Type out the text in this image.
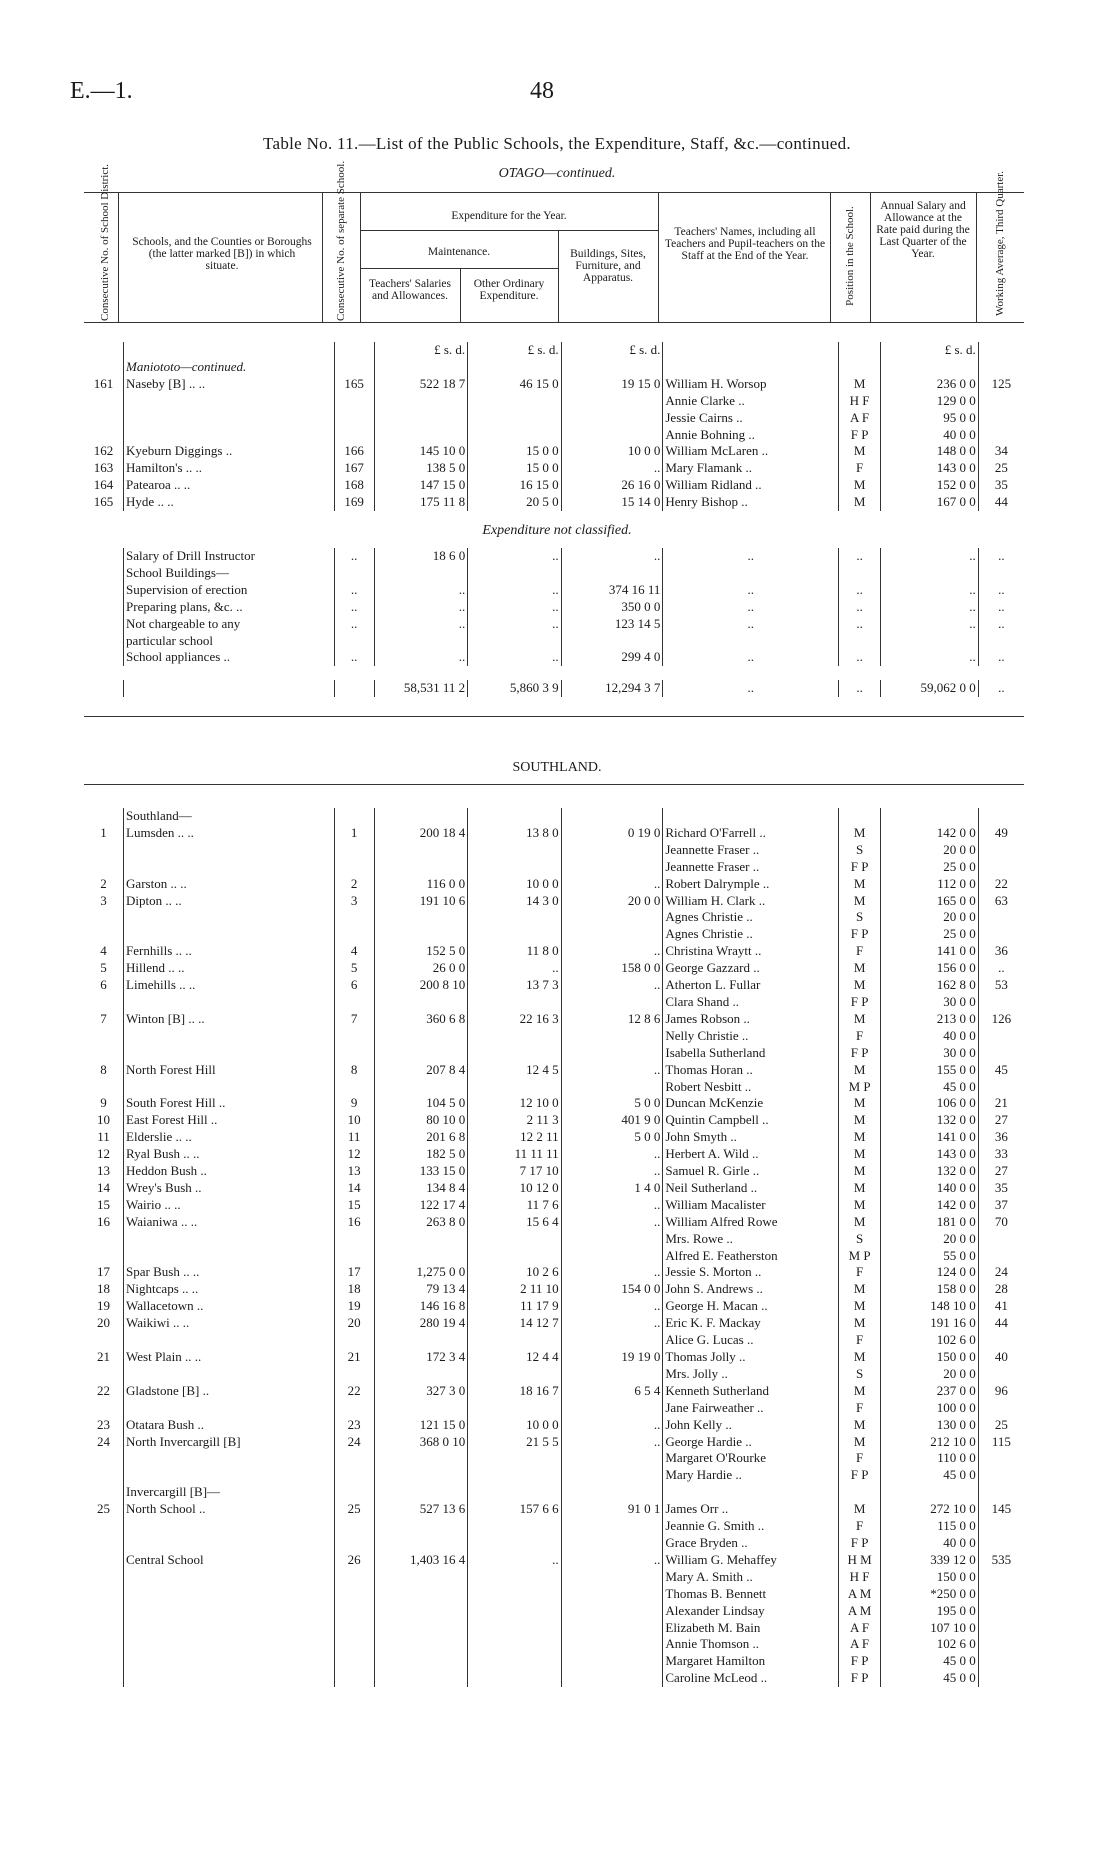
E.—1.	48
Table No. 11.—List of the Public Schools, the Expenditure, Staff, &c.—continued.
OTAGO—continued.
Consecutive No. of School District. Schools, and the Counties or Boroughs (the latter marked [B]) in which situate.	Consecutive No. of separate School.	Expenditure for the Year.
Maintenance.
Teachers' Salaries and Allowances.
Other Ordinary Expenditure.
Buildings, Sites, Furniture, and Apparatus.
Teachers' Names, including all Teachers and Pupil-teachers on the Staff at the End of the Year.	Position in the School.
Annual Salary and Allowance at the Rate paid during the Last Quarter of the Year.	Working Average, Third Quarter.
			£ s. d.	£ s. d.	£ s. d.			£ s. d.	
	Maniototo—continued.								
161	Naseby [B] .. ..	165	522 18 7	46 15 0	19 15 0	William H. Worsop	M	236 0 0	125
						Annie Clarke ..	H F	129 0 0	
						Jessie Cairns ..	A F	95 0 0	
						Annie Bohning ..	F P	40 0 0	
162	Kyeburn Diggings ..	166	145 10 0	15 0 0	10 0 0	William McLaren ..	M	148 0 0	34
163	Hamilton's .. ..	167	138 5 0	15 0 0	..	Mary Flamank ..	F	143 0 0	25
164	Patearoa .. ..	168	147 15 0	16 15 0	26 16 0	William Ridland ..	M	152 0 0	35
165	Hyde .. ..	169	175 11 8	20 5 0	15 14 0	Henry Bishop ..	M	167 0 0	44
Expenditure not classified.
	Salary of Drill Instructor	..	18 6 0	..	..	..	..	..	..
	School Buildings—								
	Supervision of erection	..	..	..	374 16 11	..	..	..	..
	Preparing plans, &c. ..	..	..	..	350 0 0	..	..	..	..
	Not chargeable to any	..	..	..	123 14 5	..	..	..	..
	particular school								
	School appliances ..	..	..	..	299 4 0	..	..	..	..
			58,531 11 2	5,860 3 9	12,294 3 7	..	..	59,062 0 0	..
SOUTHLAND.
	Southland—								
1	Lumsden .. ..	1	200 18 4	13 8 0	0 19 0	Richard O'Farrell ..	M	142 0 0	49
						Jeannette Fraser ..	S	20 0 0	
						Jeannette Fraser ..	F P	25 0 0	
2	Garston .. ..	2	116 0 0	10 0 0	..	Robert Dalrymple ..	M	112 0 0	22
3	Dipton .. ..	3	191 10 6	14 3 0	20 0 0	William H. Clark ..	M	165 0 0	63
						Agnes Christie ..	S	20 0 0	
						Agnes Christie ..	F P	25 0 0	
4	Fernhills .. ..	4	152 5 0	11 8 0	..	Christina Wraytt ..	F	141 0 0	36
5	Hillend .. ..	5	26 0 0	..	158 0 0	George Gazzard ..	M	156 0 0	..
6	Limehills .. ..	6	200 8 10	13 7 3	..	Atherton L. Fullar	M	162 8 0	53
						Clara Shand ..	F P	30 0 0	
7	Winton [B] .. ..	7	360 6 8	22 16 3	12 8 6	James Robson ..	M	213 0 0	126
						Nelly Christie ..	F	40 0 0	
						Isabella Sutherland	F P	30 0 0	
8	North Forest Hill	8	207 8 4	12 4 5	..	Thomas Horan ..	M	155 0 0	45
						Robert Nesbitt ..	M P	45 0 0	
9	South Forest Hill ..	9	104 5 0	12 10 0	5 0 0	Duncan McKenzie	M	106 0 0	21
10	East Forest Hill ..	10	80 10 0	2 11 3	401 9 0	Quintin Campbell ..	M	132 0 0	27
11	Elderslie .. ..	11	201 6 8	12 2 11	5 0 0	John Smyth ..	M	141 0 0	36
12	Ryal Bush .. ..	12	182 5 0	11 11 11	..	Herbert A. Wild ..	M	143 0 0	33
13	Heddon Bush ..	13	133 15 0	7 17 10	..	Samuel R. Girle ..	M	132 0 0	27
14	Wrey's Bush ..	14	134 8 4	10 12 0	1 4 0	Neil Sutherland ..	M	140 0 0	35
15	Wairio .. ..	15	122 17 4	11 7 6	..	William Macalister	M	142 0 0	37
16	Waianiwa .. ..	16	263 8 0	15 6 4	..	William Alfred Rowe	M	181 0 0	70
						Mrs. Rowe ..	S	20 0 0	
						Alfred E. Featherston	M P	55 0 0	
17	Spar Bush .. ..	17	1,275 0 0	10 2 6	..	Jessie S. Morton ..	F	124 0 0	24
18	Nightcaps .. ..	18	79 13 4	2 11 10	154 0 0	John S. Andrews ..	M	158 0 0	28
19	Wallacetown ..	19	146 16 8	11 17 9	..	George H. Macan ..	M	148 10 0	41
20	Waikiwi .. ..	20	280 19 4	14 12 7	..	Eric K. F. Mackay	M	191 16 0	44
						Alice G. Lucas ..	F	102 6 0	
21	West Plain .. ..	21	172 3 4	12 4 4	19 19 0	Thomas Jolly ..	M	150 0 0	40
						Mrs. Jolly ..	S	20 0 0	
22	Gladstone [B] ..	22	327 3 0	18 16 7	6 5 4	Kenneth Sutherland	M	237 0 0	96
						Jane Fairweather ..	F	100 0 0	
23	Otatara Bush ..	23	121 15 0	10 0 0	..	John Kelly ..	M	130 0 0	25
24	North Invercargill [B]	24	368 0 10	21 5 5	..	George Hardie ..	M	212 10 0	115
						Margaret O'Rourke	F	110 0 0	
						Mary Hardie ..	F P	45 0 0	
	Invercargill [B]—								
25	North School ..	25	527 13 6	157 6 6	91 0 1	James Orr ..	M	272 10 0	145
						Jeannie G. Smith ..	F	115 0 0	
						Grace Bryden ..	F P	40 0 0	
	Central School	26	1,403 16 4	..	..	William G. Mehaffey	H M	339 12 0	535
						Mary A. Smith ..	H F	150 0 0	
						Thomas B. Bennett	A M	*250 0 0	
						Alexander Lindsay	A M	195 0 0	
						Elizabeth M. Bain	A F	107 10 0	
						Annie Thomson ..	A F	102 6 0	
						Margaret Hamilton	F P	45 0 0	
						Caroline McLeod ..	F P	45 0 0	
